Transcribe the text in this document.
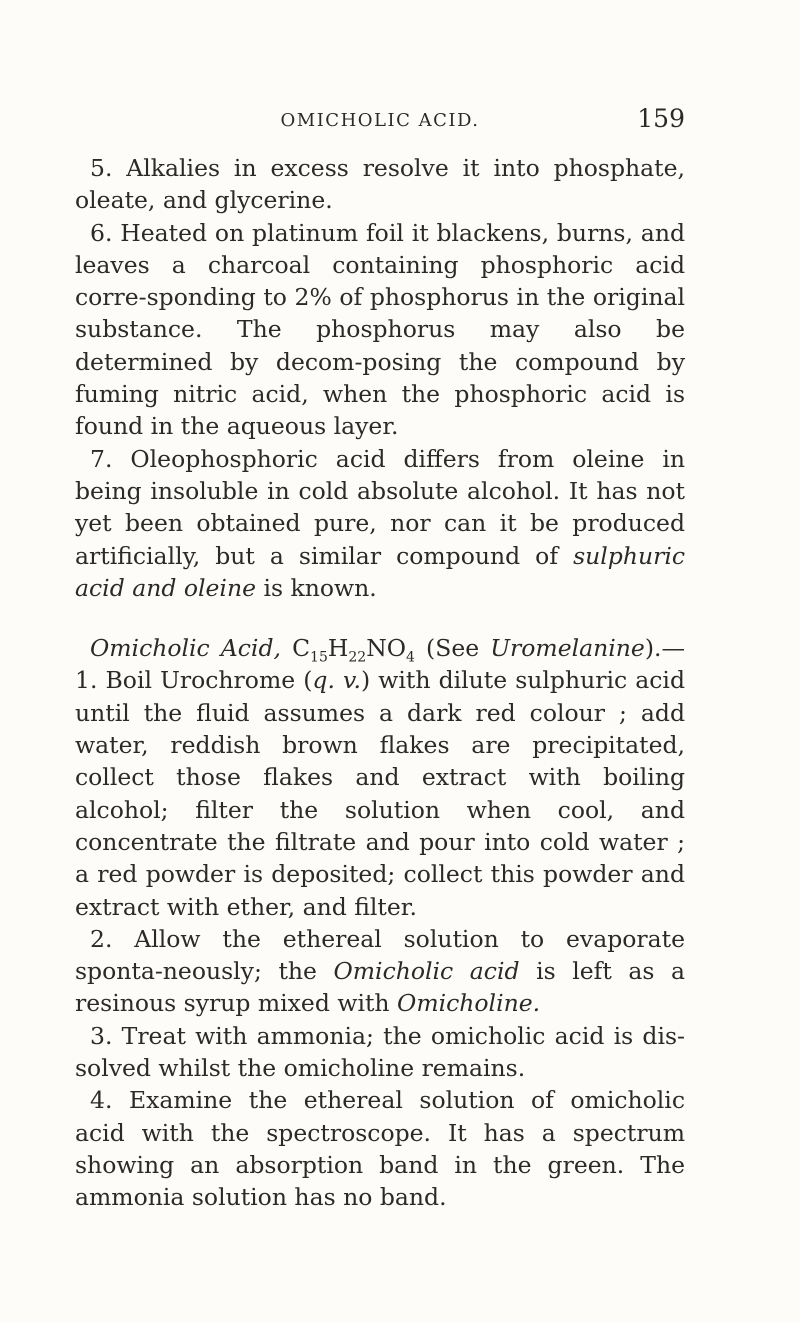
OMICHOLIC ACID.	159

5. Alkalies in excess resolve it into phosphate, oleate, and glycerine.

6. Heated on platinum foil it blackens, burns, and leaves a charcoal containing phosphoric acid corre-sponding to 2% of phosphorus in the original substance. The phosphorus may also be determined by decom-posing the compound by fuming nitric acid, when the phosphoric acid is found in the aqueous layer.

7. Oleophosphoric acid differs from oleine in being insoluble in cold absolute alcohol. It has not yet been obtained pure, nor can it be produced artificially, but a similar compound of sulphuric acid and oleine is known.

Omicholic Acid, $C_{15}H_{22}NO_4$ (See Uromelanine).—1. Boil Urochrome (q. v.) with dilute sulphuric acid until the fluid assumes a dark red colour ; add water, reddish brown flakes are precipitated, collect those flakes and extract with boiling alcohol; filter the solution when cool, and concentrate the filtrate and pour into cold water ; a red powder is deposited; collect this powder and extract with ether, and filter.

2. Allow the ethereal solution to evaporate sponta-neously; the Omicholic acid is left as a resinous syrup mixed with Omicholine.

3. Treat with ammonia; the omicholic acid is dis-solved whilst the omicholine remains.

4. Examine the ethereal solution of omicholic acid with the spectroscope. It has a spectrum showing an absorption band in the green. The ammonia solution has no band.
